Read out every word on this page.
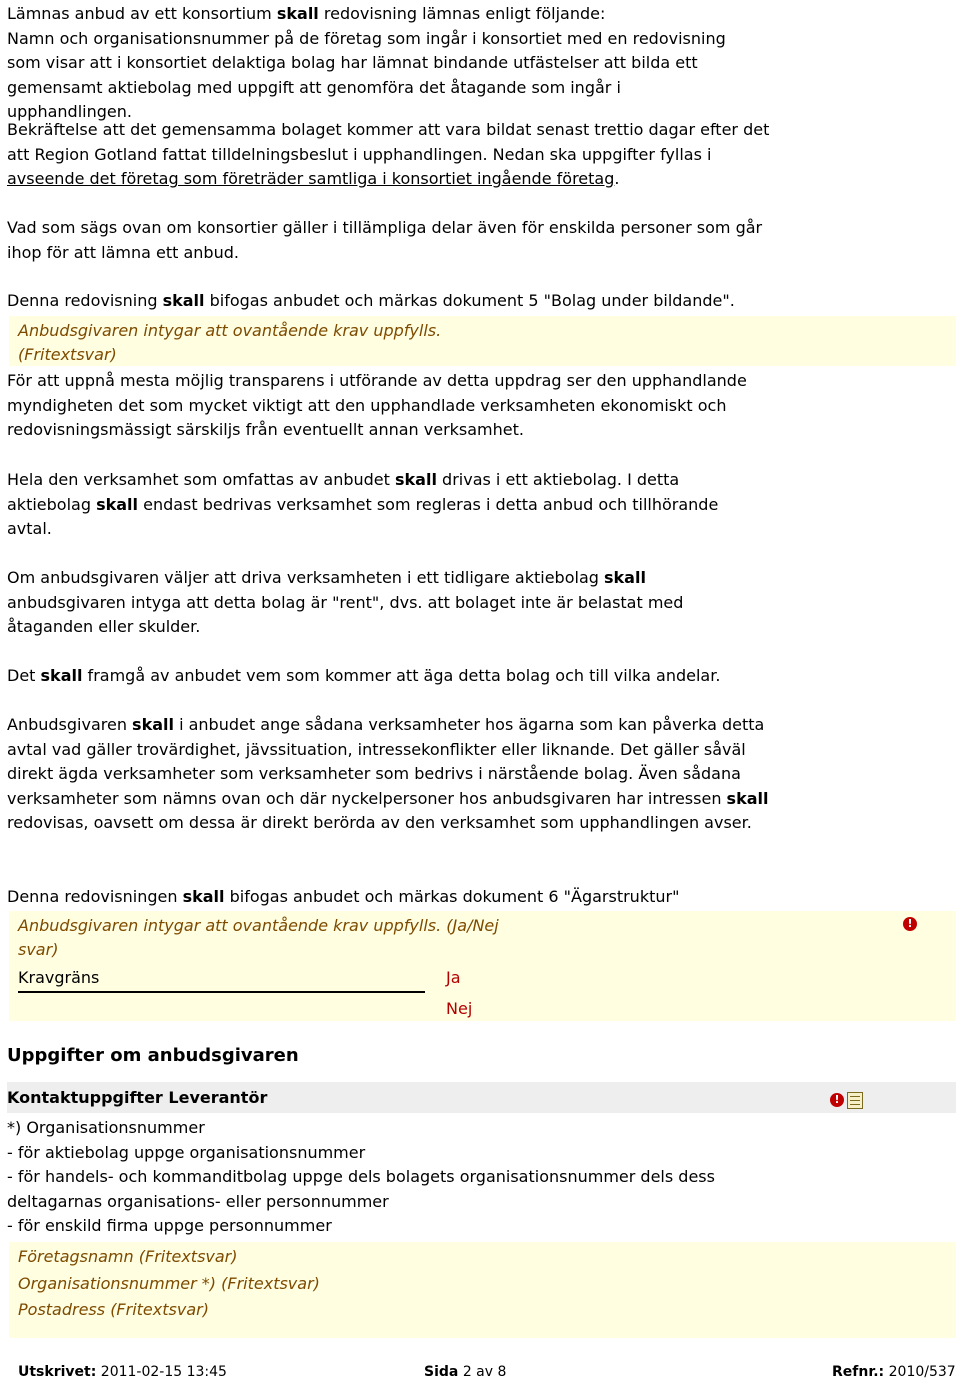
Lämnas anbud av ett konsortium skall redovisning lämnas enligt följande:
Namn och organisationsnummer på de företag som ingår i konsortiet med en redovisning som visar att i konsortiet delaktiga bolag har lämnat bindande utfästelser att bilda ett gemensamt aktiebolag med uppgift att genomföra det åtagande som ingår i upphandlingen.
Bekräftelse att det gemensamma bolaget kommer att vara bildat senast trettio dagar efter det att Region Gotland fattat tilldelningsbeslut i upphandlingen. Nedan ska uppgifter fyllas i avseende det företag som företräder samtliga i konsortiet ingående företag.
Vad som sägs ovan om konsortier gäller i tillämpliga delar även för enskilda personer som går ihop för att lämna ett anbud.
Denna redovisning skall bifogas anbudet och märkas dokument 5 "Bolag under bildande".
Anbudsgivaren intygar att ovantående krav uppfylls.
(Fritextsvar)
För att uppnå mesta möjlig transparens i utförande av detta uppdrag ser den upphandlande myndigheten det som mycket viktigt att den upphandlade verksamheten ekonomiskt och redovisningsmässigt särskiljs från eventuellt annan verksamhet.
Hela den verksamhet som omfattas av anbudet skall drivas i ett aktiebolag. I detta aktiebolag skall endast bedrivas verksamhet som regleras i detta anbud och tillhörande avtal.
Om anbudsgivaren väljer att driva verksamheten i ett tidligare aktiebolag skall anbudsgivaren intyga att detta bolag är "rent", dvs. att bolaget inte är belastat med åtaganden eller skulder.
Det skall framgå av anbudet vem som kommer att äga detta bolag och till vilka andelar.
Anbudsgivaren skall i anbudet ange sådana verksamheter hos ägarna som kan påverka detta avtal vad gäller trovärdighet, jävssituation, intressekonflikter eller liknande. Det gäller såväl direkt ägda verksamheter som verksamheter som bedrivs i närstående bolag. Även sådana verksamheter som nämns ovan och där nyckelpersoner hos anbudsgivaren har intressen skall redovisas, oavsett om dessa är direkt berörda av den verksamhet som upphandlingen avser.
Denna redovisningen skall bifogas anbudet och märkas dokument 6 "Ägarstruktur"
Anbudsgivaren intygar att ovantående krav uppfylls. (Ja/Nej svar)
Kravgräns	Ja
Nej
!
Uppgifter om anbudsgivaren
Kontaktuppgifter Leverantör	!
*) Organisationsnummer
- för aktiebolag uppge organisationsnummer
- för handels- och kommanditbolag uppge dels bolagets organisationsnummer dels dess deltagarnas organisations- eller personnummer
- för enskild firma uppge personnummer
Företagsnamn (Fritextsvar)
Organisationsnummer *) (Fritextsvar)
Postadress (Fritextsvar)
Utskrivet: 2011-02-15 13:45	Sida 2 av 8	Refnr.: 2010/537
